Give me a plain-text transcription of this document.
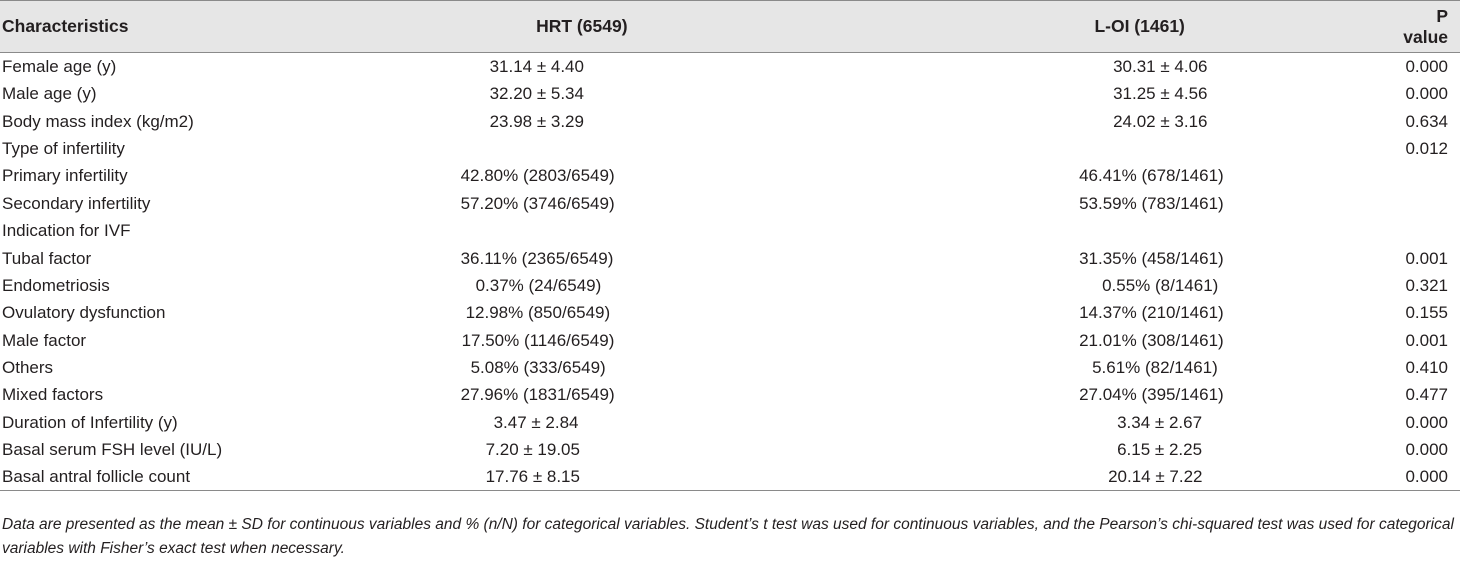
Characteristics	HRT (6549)	L-OI (1461)	P value
Female age (y)	31.14 ± 4.40	30.31 ± 4.06	0.000
Male age (y)	32.20 ± 5.34	31.25 ± 4.56	0.000
Body mass index (kg/m2)	23.98 ± 3.29	24.02 ± 3.16	0.634
Type of infertility			0.012
Primary infertility	42.80% (2803/6549)	46.41% (678/1461)	
Secondary infertility	57.20% (3746/6549)	53.59% (783/1461)	
Indication for IVF			
Tubal factor	36.11% (2365/6549)	31.35% (458/1461)	0.001
Endometriosis	0.37% (24/6549)	0.55% (8/1461)	0.321
Ovulatory dysfunction	12.98% (850/6549)	14.37% (210/1461)	0.155
Male factor	17.50% (1146/6549)	21.01% (308/1461)	0.001
Others	5.08% (333/6549)	5.61% (82/1461)	0.410
Mixed factors	27.96% (1831/6549)	27.04% (395/1461)	0.477
Duration of Infertility (y)	3.47 ± 2.84	3.34 ± 2.67	0.000
Basal serum FSH level (IU/L)	7.20 ± 19.05	6.15 ± 2.25	0.000
Basal antral follicle count	17.76 ± 8.15	20.14 ± 7.22	0.000
Data are presented as the mean ± SD for continuous variables and % (n/N) for categorical variables. Student’s t test was used for continuous variables, and the Pearson’s chi-squared test was used for categorical variables with Fisher’s exact test when necessary.
